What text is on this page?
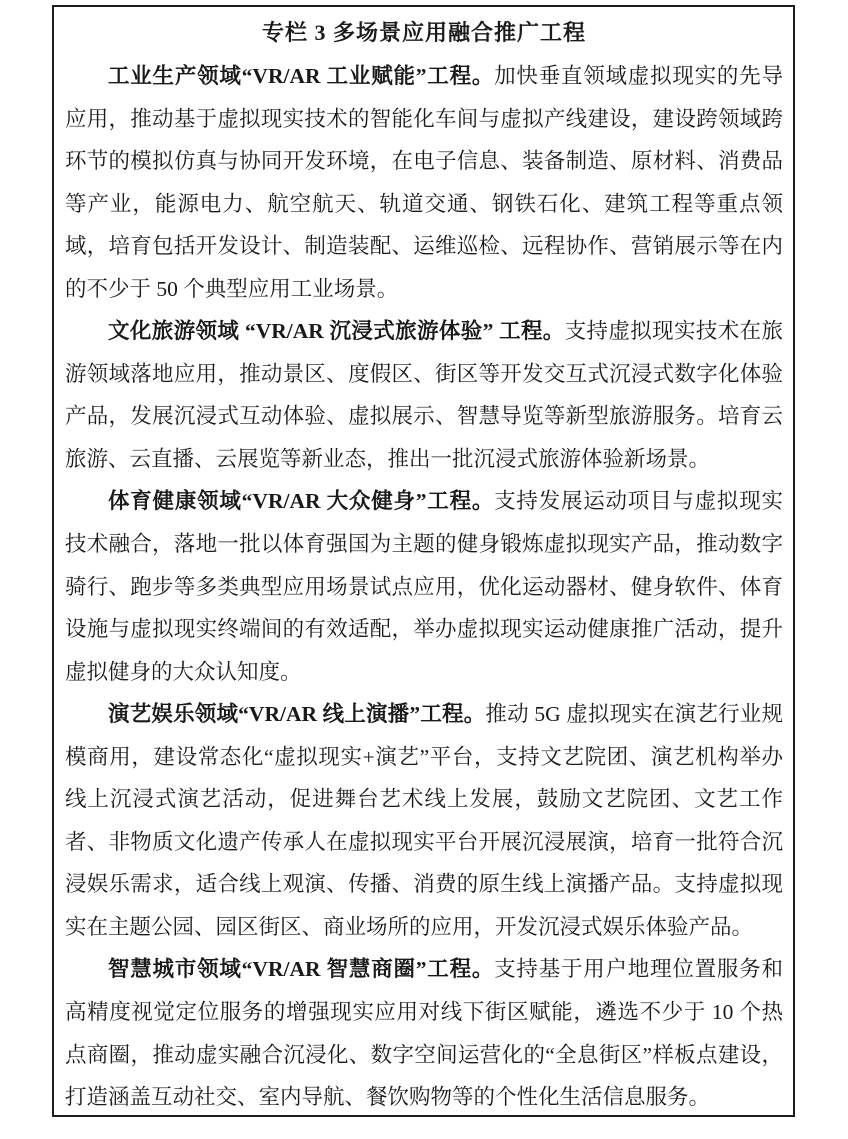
专栏 3 多场景应用融合推广工程

工业生产领域“VR/AR 工业赋能”工程。加快垂直领域虚拟现实的先导应用，推动基于虚拟现实技术的智能化车间与虚拟产线建设，建设跨领域跨环节的模拟仿真与协同开发环境，在电子信息、装备制造、原材料、消费品等产业，能源电力、航空航天、轨道交通、钢铁石化、建筑工程等重点领域，培育包括开发设计、制造装配、运维巡检、远程协作、营销展示等在内的不少于 50 个典型应用工业场景。

文化旅游领域 “VR/AR 沉浸式旅游体验” 工程。支持虚拟现实技术在旅游领域落地应用，推动景区、度假区、街区等开发交互式沉浸式数字化体验产品，发展沉浸式互动体验、虚拟展示、智慧导览等新型旅游服务。培育云旅游、云直播、云展览等新业态，推出一批沉浸式旅游体验新场景。

体育健康领域“VR/AR 大众健身”工程。支持发展运动项目与虚拟现实技术融合，落地一批以体育强国为主题的健身锻炼虚拟现实产品，推动数字骑行、跑步等多类典型应用场景试点应用，优化运动器材、健身软件、体育设施与虚拟现实终端间的有效适配，举办虚拟现实运动健康推广活动，提升虚拟健身的大众认知度。

演艺娱乐领域“VR/AR 线上演播”工程。推动 5G 虚拟现实在演艺行业规模商用，建设常态化“虚拟现实+演艺”平台，支持文艺院团、演艺机构举办线上沉浸式演艺活动，促进舞台艺术线上发展，鼓励文艺院团、文艺工作者、非物质文化遗产传承人在虚拟现实平台开展沉浸展演，培育一批符合沉浸娱乐需求，适合线上观演、传播、消费的原生线上演播产品。支持虚拟现实在主题公园、园区街区、商业场所的应用，开发沉浸式娱乐体验产品。

智慧城市领域“VR/AR 智慧商圈”工程。支持基于用户地理位置服务和高精度视觉定位服务的增强现实应用对线下街区赋能，遴选不少于 10 个热点商圈，推动虚实融合沉浸化、数字空间运营化的“全息街区”样板点建设，打造涵盖互动社交、室内导航、餐饮购物等的个性化生活信息服务。
